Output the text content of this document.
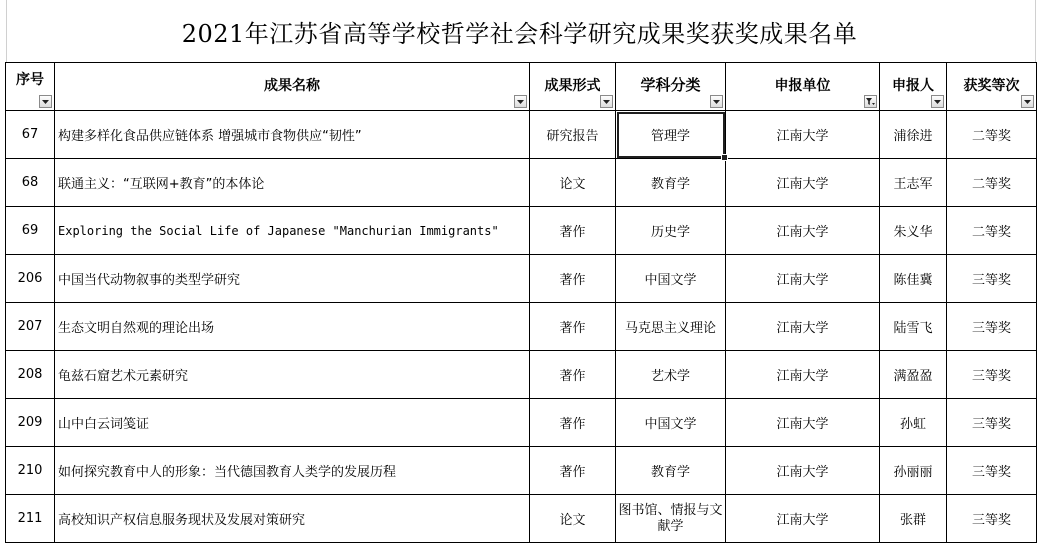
2021年江苏省高等学校哲学社会科学研究成果奖获奖成果名单
序号	成果名称	成果形式	学科分类	申报单位	申报人	获奖等次

67	构建多样化食品供应链体系 增强城市食物供应“韧性”	研究报告	管理学	江南大学	浦徐进	二等奖
68	联通主义：“互联网+教育”的本体论	论文	教育学	江南大学	王志军	二等奖
69	Exploring the Social Life of Japanese "Manchurian Immigrants"	著作	历史学	江南大学	朱义华	二等奖
206	中国当代动物叙事的类型学研究	著作	中国文学	江南大学	陈佳冀	三等奖
207	生态文明自然观的理论出场	著作	马克思主义理论	江南大学	陆雪飞	三等奖
208	龟兹石窟艺术元素研究	著作	艺术学	江南大学	满盈盈	三等奖
209	山中白云词笺证	著作	中国文学	江南大学	孙虹	三等奖
210	如何探究教育中人的形象：当代德国教育人类学的发展历程	著作	教育学	江南大学	孙丽丽	三等奖
211	高校知识产权信息服务现状及发展对策研究	论文	图书馆、情报与文献学	江南大学	张群	三等奖
